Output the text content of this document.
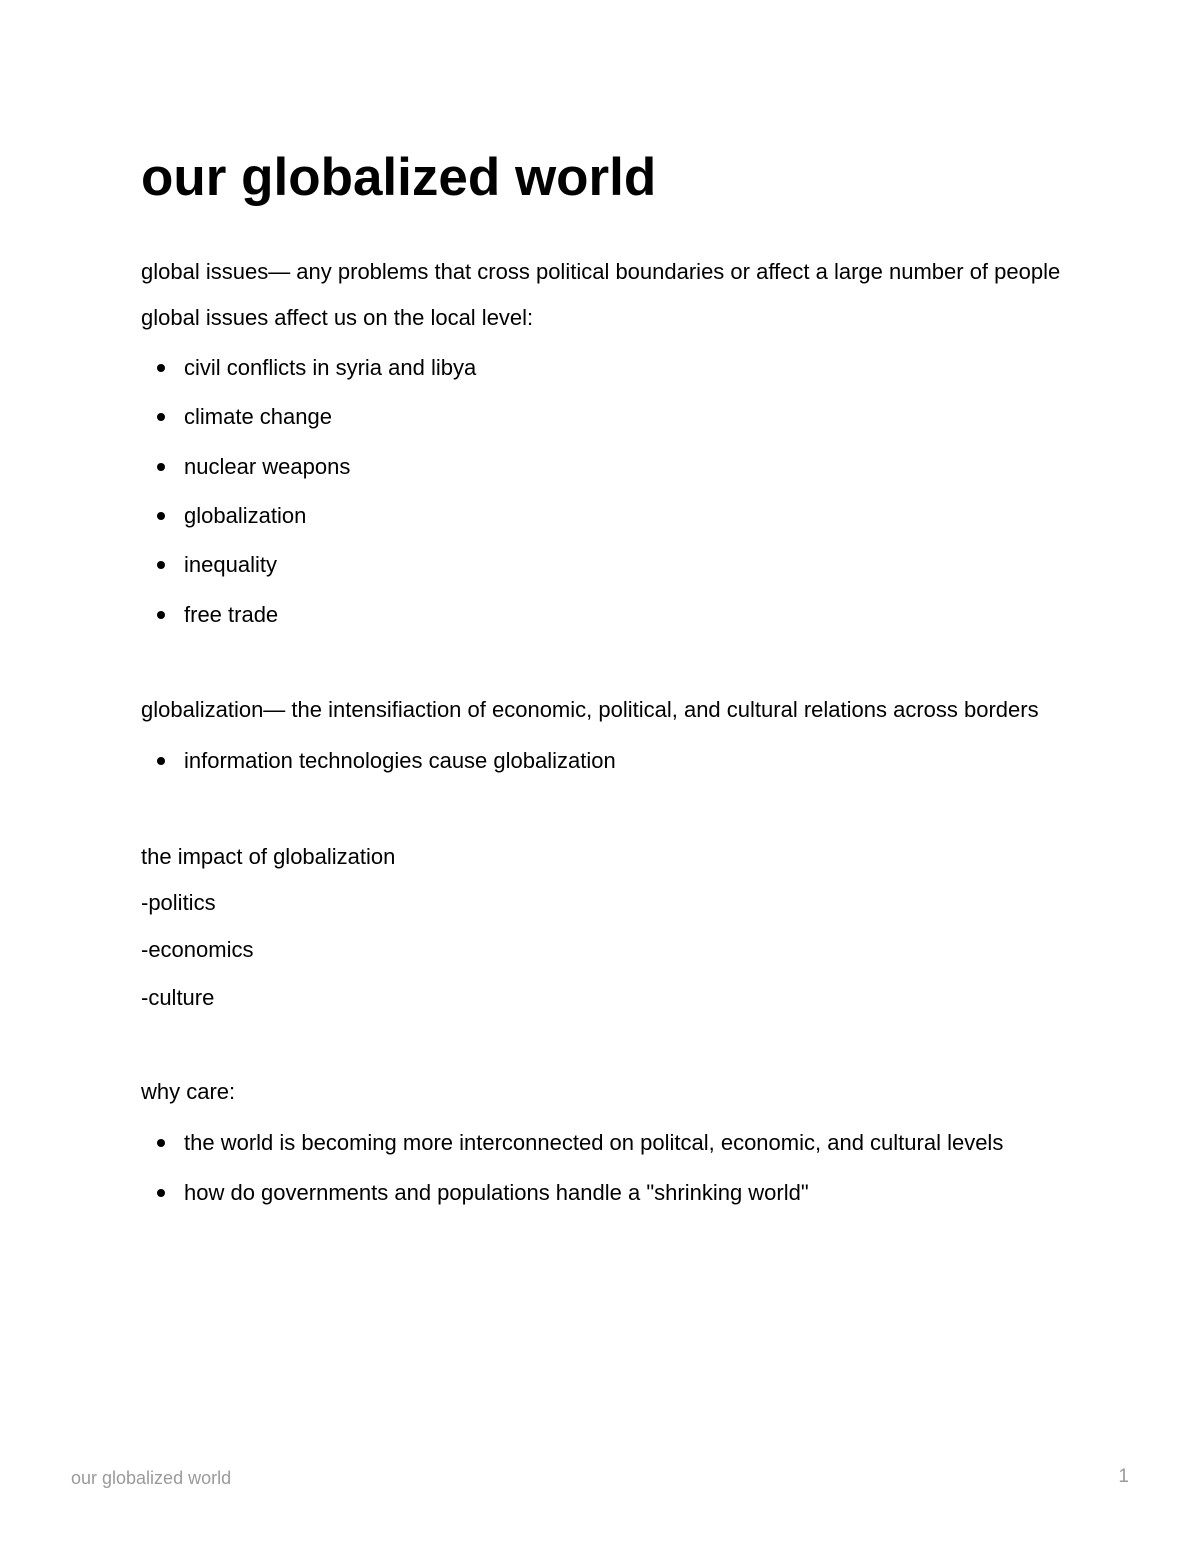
our globalized world

global issues— any problems that cross political boundaries or affect a large number of people

global issues affect us on the local level:

civil conflicts in syria and libya
climate change
nuclear weapons
globalization
inequality
free trade

globalization— the intensifiaction of economic, political, and cultural relations across borders

information technologies cause globalization

the impact of globalization

-politics

-economics

-culture

why care:

the world is becoming more interconnected on politcal, economic, and cultural levels
how do governments and populations handle a "shrinking world"
our globalized world	1
